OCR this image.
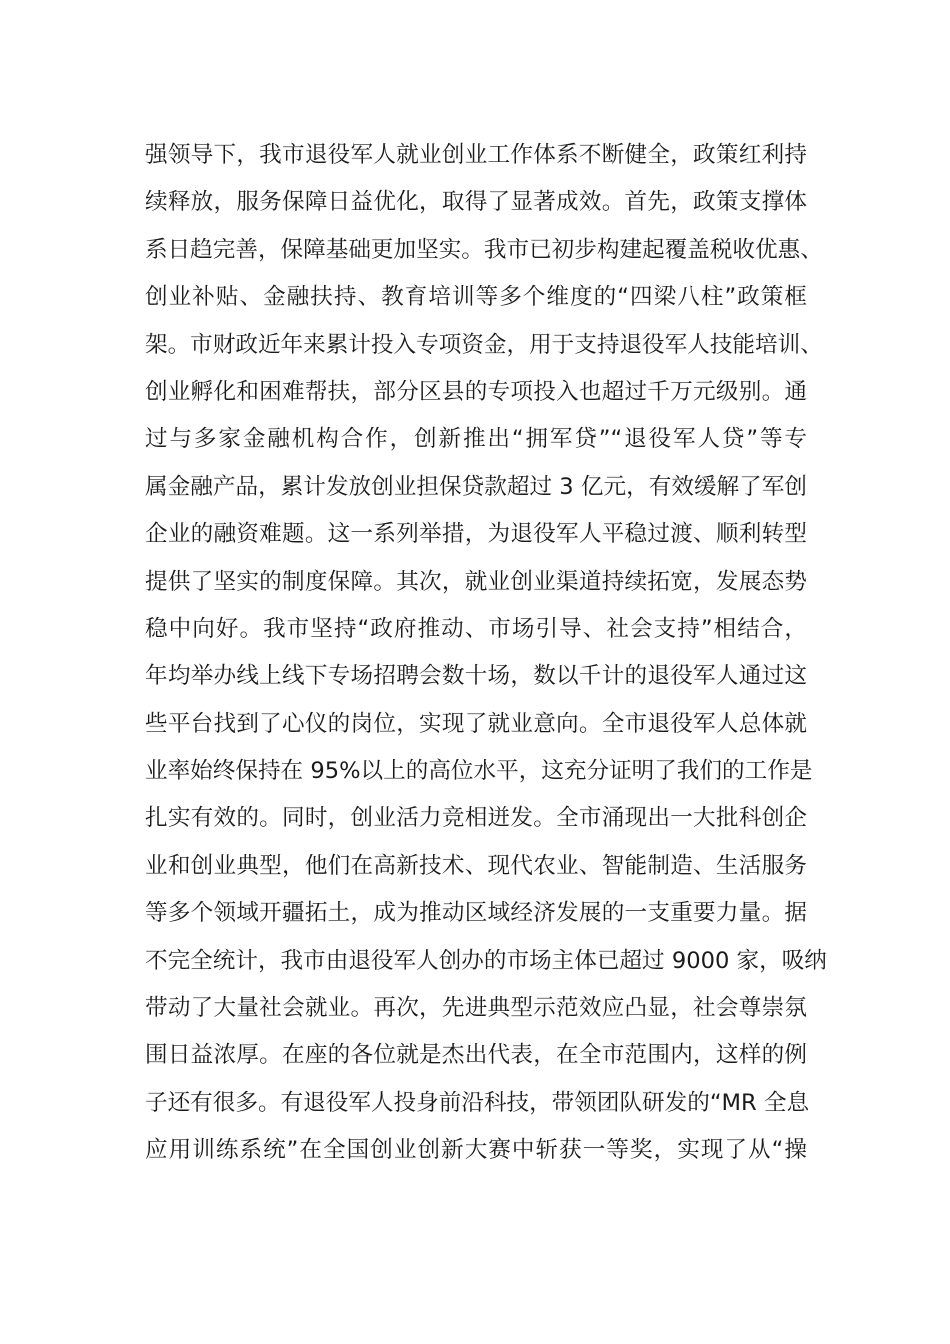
强领导下，我市退役军人就业创业工作体系不断健全，政策红利持
续释放，服务保障日益优化，取得了显著成效。首先，政策支撑体
系日趋完善，保障基础更加坚实。我市已初步构建起覆盖税收优惠、
创业补贴、金融扶持、教育培训等多个维度的“四梁八柱”政策框
架。市财政近年来累计投入专项资金，用于支持退役军人技能培训、
创业孵化和困难帮扶，部分区县的专项投入也超过千万元级别。通
过与多家金融机构合作，创新推出“拥军贷”“退役军人贷”等专
属金融产品，累计发放创业担保贷款超过 3 亿元，有效缓解了军创
企业的融资难题。这一系列举措，为退役军人平稳过渡、顺利转型
提供了坚实的制度保障。其次，就业创业渠道持续拓宽，发展态势
稳中向好。我市坚持“政府推动、市场引导、社会支持”相结合，
年均举办线上线下专场招聘会数十场，数以千计的退役军人通过这
些平台找到了心仪的岗位，实现了就业意向。全市退役军人总体就
业率始终保持在 95%以上的高位水平，这充分证明了我们的工作是
扎实有效的。同时，创业活力竞相迸发。全市涌现出一大批科创企
业和创业典型，他们在高新技术、现代农业、智能制造、生活服务
等多个领域开疆拓土，成为推动区域经济发展的一支重要力量。据
不完全统计，我市由退役军人创办的市场主体已超过 9000 家，吸纳
带动了大量社会就业。再次，先进典型示范效应凸显，社会尊崇氛
围日益浓厚。在座的各位就是杰出代表，在全市范围内，这样的例
子还有很多。有退役军人投身前沿科技，带领团队研发的“MR 全息
应用训练系统”在全国创业创新大赛中斩获一等奖，实现了从“操
